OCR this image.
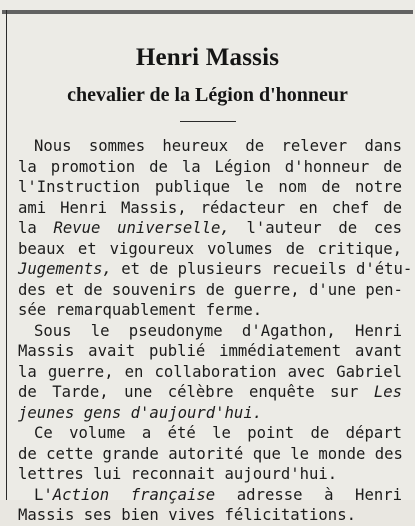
Henri Massis
chevalier de la Légion d'honneur

Nous sommes heureux de relever dans
la promotion de la Légion d'honneur de
l'Instruction publique le nom de notre
ami Henri Massis, rédacteur en chef de
la Revue universelle, l'auteur de ces
beaux et vigoureux volumes de critique,
Jugements, et de plusieurs recueils d'étu-
des et de souvenirs de guerre, d'une pen-
sée remarquablement ferme.

Sous le pseudonyme d'Agathon, Henri
Massis avait publié immédiatement avant
la guerre, en collaboration avec Gabriel
de Tarde, une célèbre enquête sur Les
jeunes gens d'aujourd'hui.

Ce volume a été le point de départ
de cette grande autorité que le monde des
lettres lui reconnait aujourd'hui.

L'Action française adresse à Henri
Massis ses bien vives félicitations.
